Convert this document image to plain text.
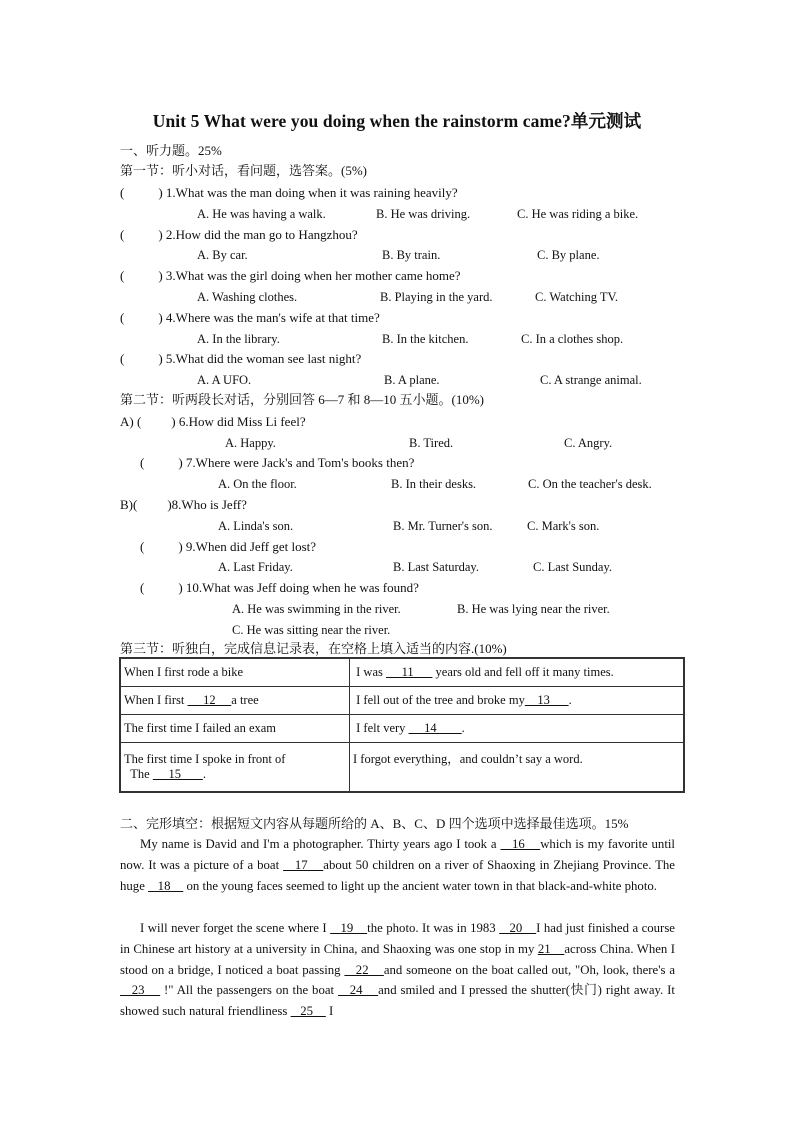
Unit 5 What were you doing when the rainstorm came?单元测试
一、听力题。25%
第一节：听小对话，看问题，选答案。(5%)
(	) 1.What was the man doing when it was raining heavily?
A. He was having a walk.	B. He was driving.	C. He was riding a bike.
(	) 2.How did the man go to Hangzhou?
A. By car.	B. By train.	C. By plane.
(	) 3.What was the girl doing when her mother came home?
A. Washing clothes.	B. Playing in the yard.	C. Watching TV.
(	) 4.Where was the man's wife at that time?
A. In the library.	B. In the kitchen.	C. In a clothes shop.
(	) 5.What did the woman see last night?
A. A UFO.	B. A plane.	C. A strange animal.
第二节：听两段长对话，分别回答 6—7 和 8—10 五小题。(10%)
A) ( ) 6.How did Miss Li feel?
A. Happy.	B. Tired.	C. Angry.
(	) 7.Where were Jack's and Tom's books then?
A. On the floor.	B. In their desks.	C. On the teacher's desk.
B)( )8.Who is Jeff?
A. Linda's son.	B. Mr. Turner's son.	C. Mark's son.
(	) 9.When did Jeff get lost?
A. Last Friday.	B. Last Saturday.	C. Last Sunday.
(	) 10.What was Jeff doing when he was found?
A. He was swimming in the river.	B. He was lying near the river.
C. He was sitting near the river.
第三节：听独白，完成信息记录表，在空格上填入适当的内容.(10%)
When I first rode a bike	I was      11       years old and fell off it many times.
When I first      12     a tree	I fell out of the tree and broke my    13      .
The first time I failed an exam	I felt very      14        .

The first time I spoke in front of
The      15       .	I forgot everything，and couldn’t say a word.
二、完形填空：根据短文内容从每题所给的 A、B、C、D 四个选项中选择最佳选项。15%
My name is David and I'm a photographer. Thirty years ago I took a    16    which is my favorite until now. It was a picture of a boat    17    about 50 children on a river of Shaoxing in Zhejiang Province. The huge    18     on the young faces seemed to light up the ancient water town in that black-and-white photo.
I will never forget the scene where I    19    the photo. It was in 1983    20    I had just finished a course in Chinese art history at a university in China, and Shaoxing was one stop in my 21    across China. When I stood on a bridge, I noticed a boat passing    22    and someone on the boat called out, "Oh, look, there's a    23     !" All the passengers on the boat    24    and smiled and I pressed the shutter(快门) right away. It showed such natural friendliness    25     I
